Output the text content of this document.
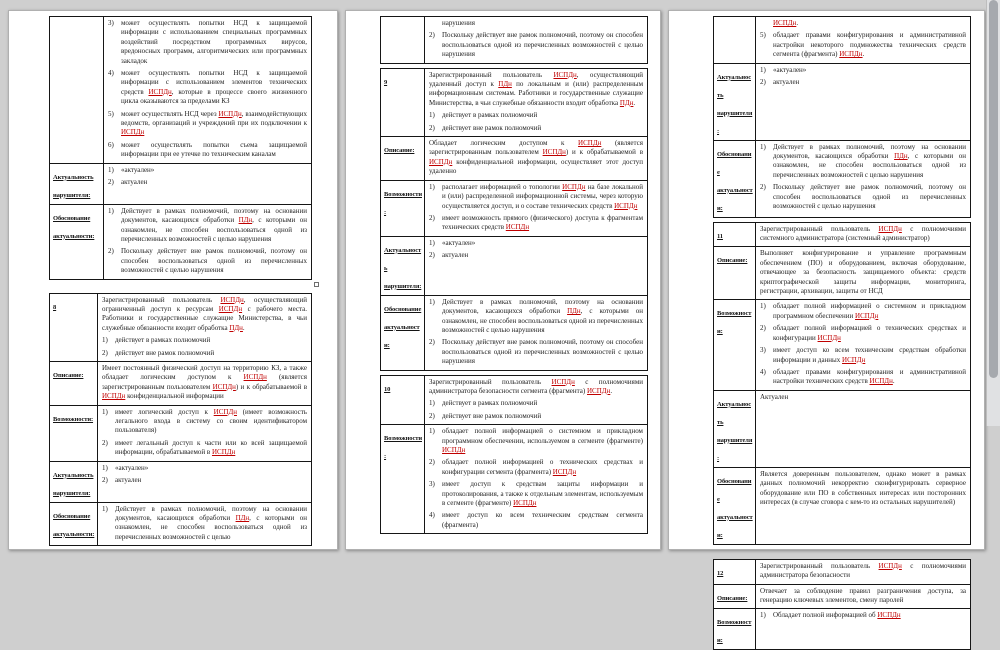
3)	может осуществлять попытки НСД к защищаемой информации с использованием специальных программных воздействий посредством программных вирусов, вредоносных программ, алгоритмических или программных закладок
4)	может осуществлять попытки НСД к защищаемой информации с использованием элементов технических средств ИСПДн, которые в процессе своего жизненного цикла оказываются за пределами КЗ
5)	может осуществлять НСД через ИСПДн, взаимодействующих ведомств, организаций и учреждений при их подключении к ИСПДн
6)	может осуществлять попытки съема защищаемой информации при ее утечке по техническим каналам
Актуальность нарушителя:
1)	«актуален»
2)	актуален
Обоснование актуальности:
1)	Действует в рамках полномочий, поэтому на основании документов, касающихся обработки ПДн, с которыми он ознакомлен, не способен воспользоваться одной из перечисленных возможностей с целью нарушения
2)	Поскольку действует вне рамок полномочий, поэтому он способен воспользоваться одной из перечисленных возможностей с целью нарушения
8
Зарегистрированный пользователь ИСПДн, осуществляющий ограниченный доступ к ресурсам ИСПДн с рабочего места. Работники и государственные служащие Министерства, в чьи служебные обязанности входит обработка ПДн.
1)	действует в рамках полномочий
2)	действует вне рамок полномочий
Описание:
Имеет постоянный физический доступ на территорию КЗ, а также обладает логическим доступом к ИСПДн (является зарегистрированным пользователем ИСПДн) и к обрабатываемой в ИСПДн конфиденциальной информации
Возможности:
1)	имеет логический доступ к ИСПДн (имеет возможность легального входа в систему со своим идентификатором пользователя)
2)	имеет легальный доступ к части или ко всей защищаемой информации, обрабатываемой в ИСПДн
Актуальность нарушителя:
1)	«актуален»
2)	актуален
Обоснование актуальности:
1)	Действует в рамках полномочий, поэтому на основании документов, касающихся обработки ПДн, с которыми он ознакомлен, не способен воспользоваться одной из перечисленных возможностей с целью
нарушения
2)	Поскольку действует вне рамок полномочий, поэтому он способен воспользоваться одной из перечисленных возможностей с целью нарушения
9
Зарегистрированный пользователь ИСПДн, осуществляющий удаленный доступ к ПДн по локальным и (или) распределенным информационным системам. Работники и государственные служащие Министерства, в чьи служебные обязанности входит обработка ПДн.
1)	действует в рамках полномочий
2)	действует вне рамок полномочий
Описание:
Обладает логическим доступом к ИСПДн (является зарегистрированным пользователем ИСПДн) и к обрабатываемой в ИСПДн конфиденциальной информации, осуществляет этот доступ удаленно
Возможности:
1)	располагает информацией о топологии ИСПДн на базе локальной и (или) распределенной информационной системы, через которую осуществляется доступ, и о составе технических средств ИСПДн
2)	имеет возможность прямого (физического) доступа к фрагментам технических средств ИСПДн
Актуальность нарушителя:
1)	«актуален»
2)	актуален
Обоснование актуальности:
1)	Действует в рамках полномочий, поэтому на основании документов, касающихся обработки ПДн, с которыми он ознакомлен, не способен воспользоваться одной из перечисленных возможностей с целью нарушения
2)	Поскольку действует вне рамок полномочий, поэтому он способен воспользоваться одной из перечисленных возможностей с целью нарушения
10
Зарегистрированный пользователь ИСПДн с полномочиями администратора безопасности сегмента (фрагмента) ИСПДн.
1)	действует в рамках полномочий
2)	действует вне рамок полномочий
Возможности:
1)	обладает полной информацией о системном и прикладном программном обеспечении, используемом в сегменте (фрагменте) ИСПДн
2)	обладает полной информацией о технических средствах и конфигурации сегмента (фрагмента) ИСПДн
3)	имеет доступ к средствам защиты информации и протоколирования, а также к отдельным элементам, используемым в сегменте (фрагменте) ИСПДн
4)	имеет доступ ко всем техническим средствам сегмента (фрагмента)
ИСПДн.
5)	обладает правами конфигурирования и административной настройки некоторого подмножества технических средств сегмента (фрагмента) ИСПДн.
Актуальность нарушителя:
1)	«актуален»
2)	актуален
Обоснование актуальности:
1)	Действует в рамках полномочий, поэтому на основании документов, касающихся обработки ПДн, с которыми он ознакомлен, не способен воспользоваться одной из перечисленных возможностей с целью нарушения
2)	Поскольку действует вне рамок полномочий, поэтому он способен воспользоваться одной из перечисленных возможностей с целью нарушения
11
Зарегистрированный пользователь ИСПДн с полномочиями системного администратора (системный администратор)
Описание:
Выполняет конфигурирование и управление программным обеспечением (ПО) и оборудованием, включая оборудование, отвечающее за безопасность защищаемого объекта: средств криптографической защиты информации, мониторинга, регистрации, архивации, защиты от НСД
Возможности:
1)	обладает полной информацией о системном и прикладном программном обеспечении ИСПДн
2)	обладает полной информацией о технических средствах и конфигурации ИСПДн
3)	имеет доступ ко всем техническим средствам обработки информации и данных ИСПДн
4)	обладает правами конфигурирования и административной настройки технических средств ИСПДн.
Актуальность нарушителя:
Актуален
Обоснование актуальности:
Является доверенным пользователем, однако может в рамках данных полномочий некорректно сконфигурировать серверное оборудование или ПО в собственных интересах или посторонних интересах (в случае сговора с кем-то из остальных нарушителей)
12
Зарегистрированный пользователь ИСПДн с полномочиями администратора безопасности
Описание:
Отвечает за соблюдение правил разграничения доступа, за генерацию ключевых элементов, смену паролей
Возможности:
1)	Обладает полной информацией об ИСПДн
